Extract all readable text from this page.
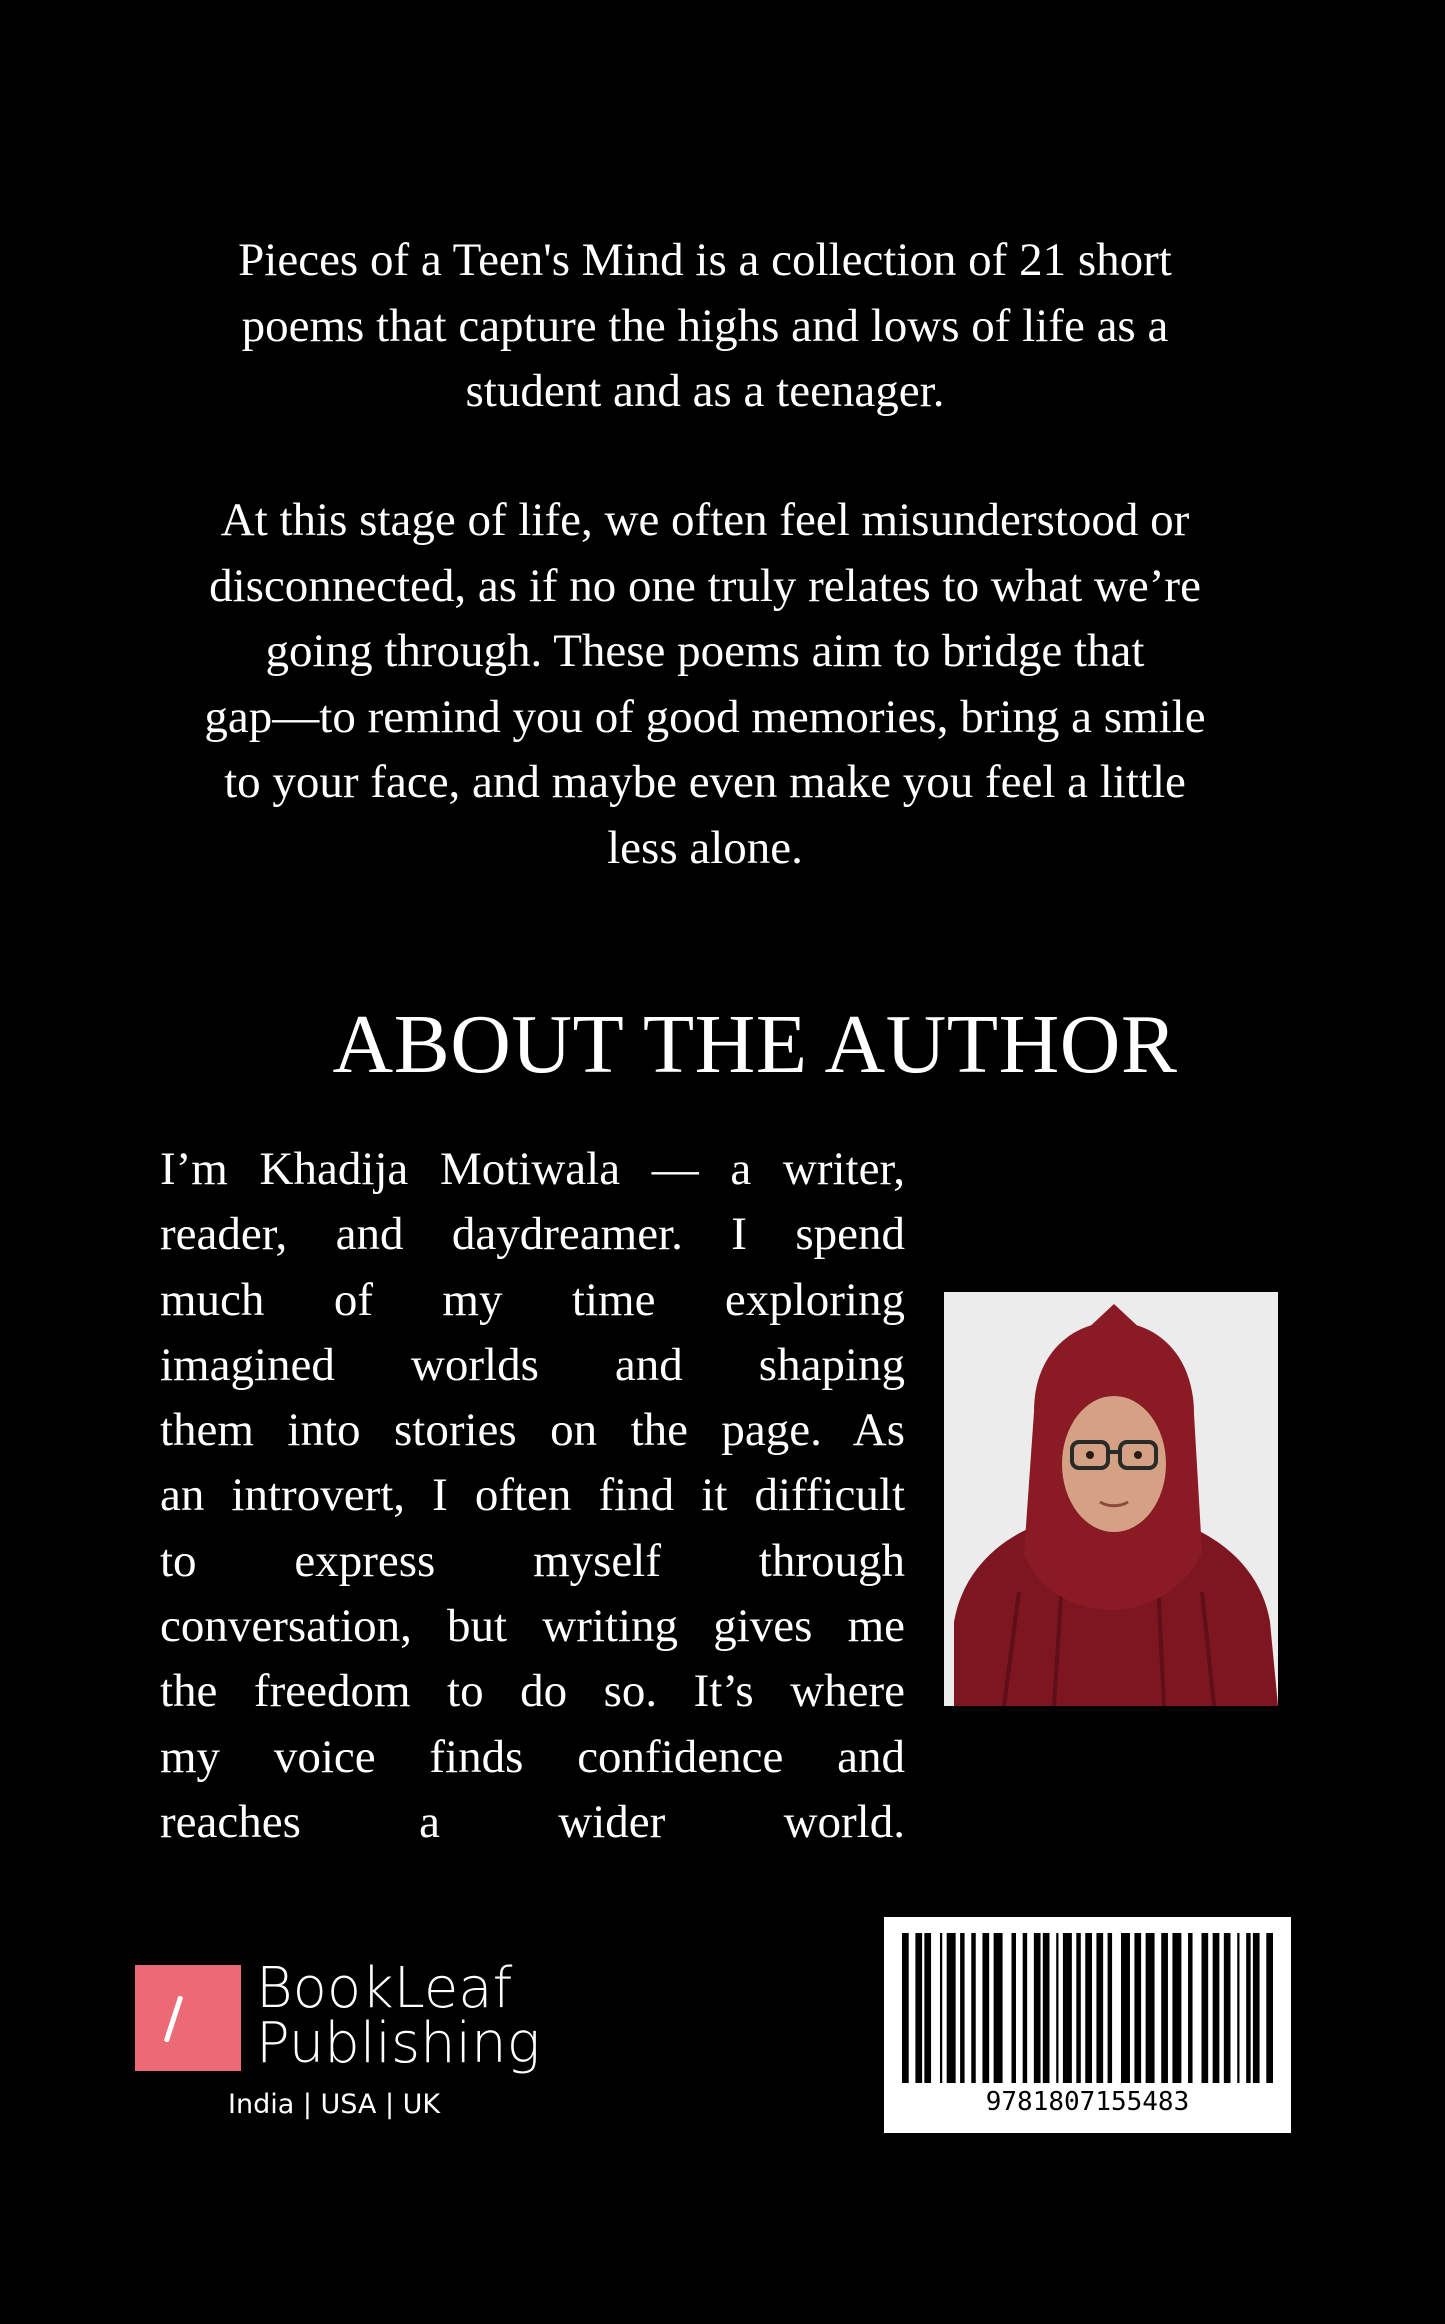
Pieces of a Teen's Mind is a collection of 21 short

poems that capture the highs and lows of life as a

student and as a teenager.

At this stage of life, we often feel misunderstood or

disconnected, as if no one truly relates to what we’re

going through. These poems aim to bridge that

gap—to remind you of good memories, bring a smile

to your face, and maybe even make you feel a little

less alone.

ABOUT THE AUTHOR
I’m Khadija Motiwala — a writer,
reader, and daydreamer. I spend
much of my time exploring
imagined worlds and shaping
them into stories on the page. As
an introvert, I often find it difficult
to express myself through
conversation, but writing gives me
the freedom to do so. It’s where
my voice finds confidence and
reaches a wider world.
BookLeaf
Publishing
India | USA | UK	9781807155483
